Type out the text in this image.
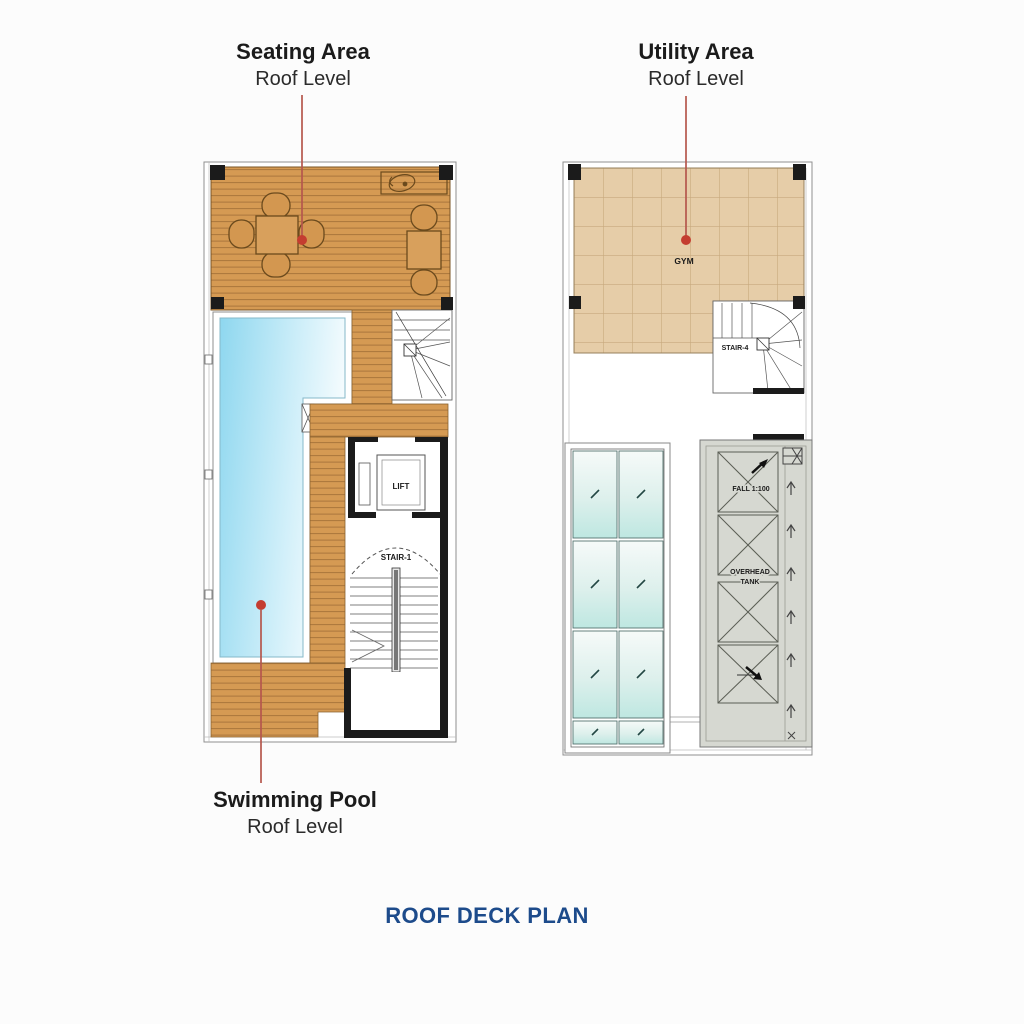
LIFT
STAIR-1
GYM
STAIR-4
FALL 1:100
OVERHEAD
TANK
Seating Area
Roof Level
Utility Area
Roof Level
Swimming Pool
Roof Level
ROOF DECK PLAN
